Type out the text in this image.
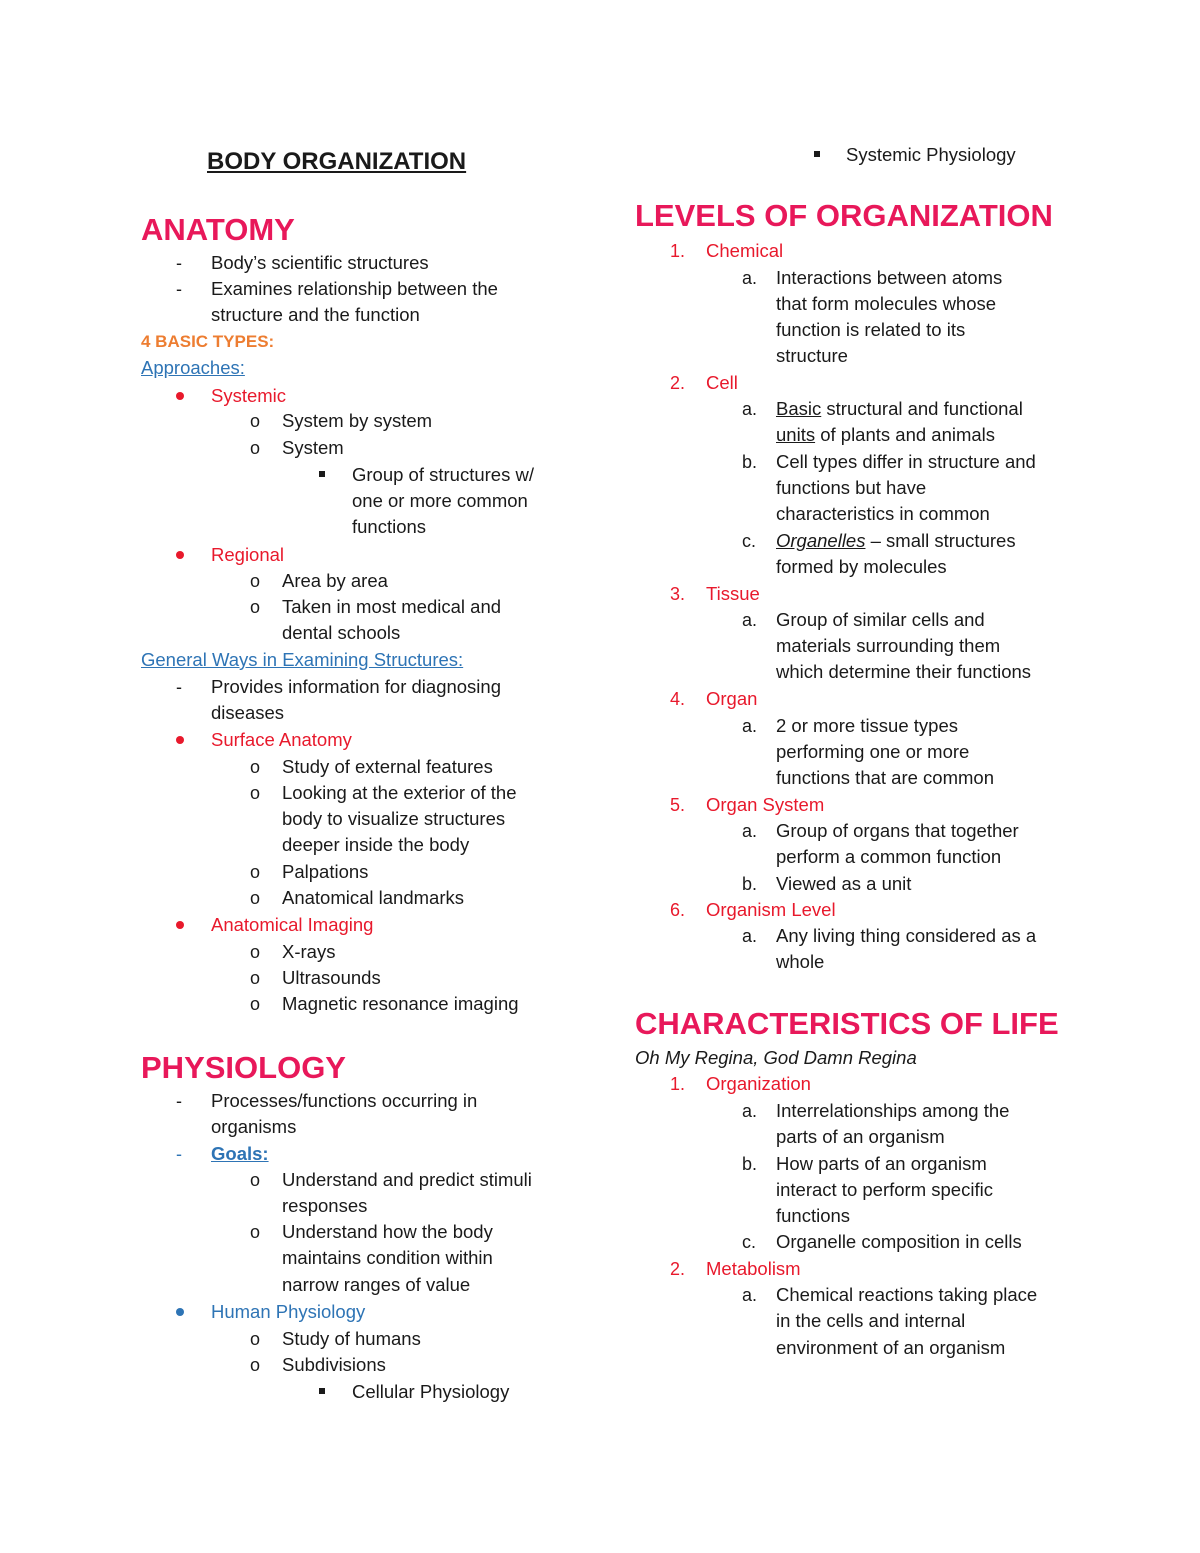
BODY ORGANIZATION
ANATOMY
- Body’s scientific structures
- Examines relationship between the
structure and the function
4 BASIC TYPES:
Approaches:
Systemic
o System by system
o System
Group of structures w/
one or more common
functions
Regional
o Area by area
o Taken in most medical and
dental schools
General Ways in Examining Structures:
- Provides information for diagnosing
diseases
Surface Anatomy
o Study of external features
o Looking at the exterior of the
body to visualize structures
deeper inside the body
o Palpations
o Anatomical landmarks
Anatomical Imaging
o X-rays
o Ultrasounds
o Magnetic resonance imaging
PHYSIOLOGY
- Processes/functions occurring in
organisms
- Goals:
o Understand and predict stimuli
responses
o Understand how the body
maintains condition within
narrow ranges of value
Human Physiology
o Study of humans
o Subdivisions
Cellular Physiology
Systemic Physiology
LEVELS OF ORGANIZATION
1. Chemical
a. Interactions between atoms
that form molecules whose
function is related to its
structure
2. Cell
a. Basic structural and functional
units of plants and animals
b. Cell types differ in structure and
functions but have
characteristics in common
c. Organelles – small structures
formed by molecules
3. Tissue
a. Group of similar cells and
materials surrounding them
which determine their functions
4. Organ
a. 2 or more tissue types
performing one or more
functions that are common
5. Organ System
a. Group of organs that together
perform a common function
b. Viewed as a unit
6. Organism Level
a. Any living thing considered as a
whole
CHARACTERISTICS OF LIFE
Oh My Regina, God Damn Regina
1. Organization
a. Interrelationships among the
parts of an organism
b. How parts of an organism
interact to perform specific
functions
c. Organelle composition in cells
2. Metabolism
a. Chemical reactions taking place
in the cells and internal
environment of an organism
